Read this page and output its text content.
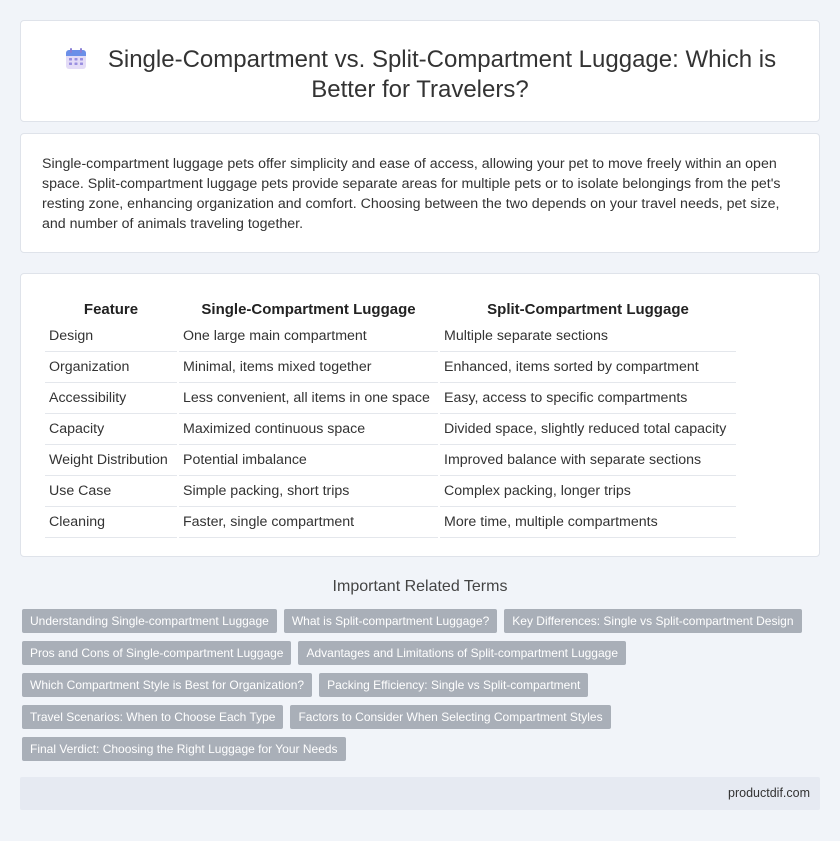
Single-Compartment vs. Split-Compartment Luggage: Which is Better for Travelers?

Single-compartment luggage pets offer simplicity and ease of access, allowing your pet to move freely within an open space. Split-compartment luggage pets provide separate areas for multiple pets or to isolate belongings from the pet's resting zone, enhancing organization and comfort. Choosing between the two depends on your travel needs, pet size, and number of animals traveling together.

Feature	Single-Compartment Luggage	Split-Compartment Luggage
Design	One large main compartment	Multiple separate sections
Organization	Minimal, items mixed together	Enhanced, items sorted by compartment
Accessibility	Less convenient, all items in one space	Easy, access to specific compartments
Capacity	Maximized continuous space	Divided space, slightly reduced total capacity
Weight Distribution	Potential imbalance	Improved balance with separate sections
Use Case	Simple packing, short trips	Complex packing, longer trips
Cleaning	Faster, single compartment	More time, multiple compartments
Important Related Terms
Understanding Single-compartment Luggage	What is Split-compartment Luggage?	Key Differences: Single vs Split-compartment Design
Pros and Cons of Single-compartment Luggage	Advantages and Limitations of Split-compartment Luggage
Which Compartment Style is Best for Organization?	Packing Efficiency: Single vs Split-compartment
Travel Scenarios: When to Choose Each Type	Factors to Consider When Selecting Compartment Styles
Final Verdict: Choosing the Right Luggage for Your Needs
productdif.com
